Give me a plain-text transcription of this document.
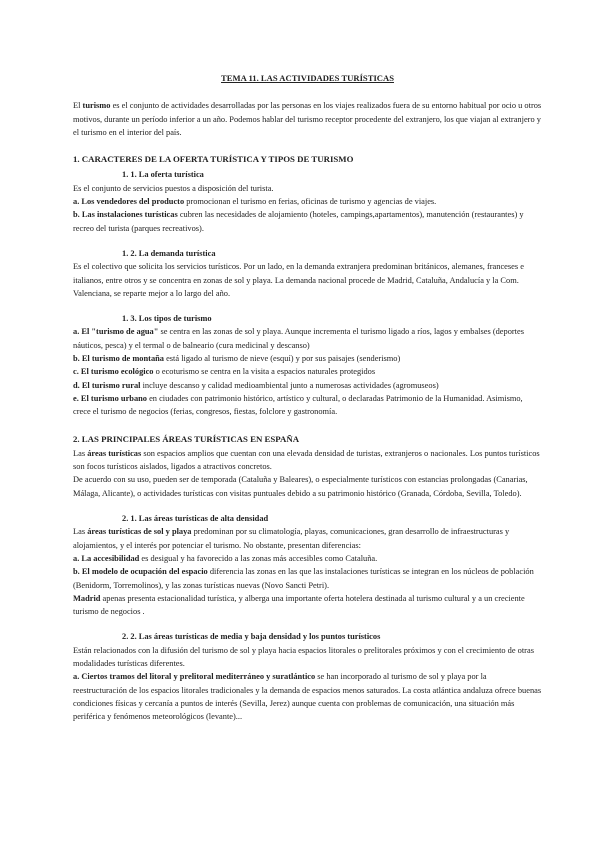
TEMA 11. LAS ACTIVIDADES TURÍSTICAS

El turismo es el conjunto de actividades desarrolladas por las personas en los viajes realizados fuera de su entorno habitual por ocio u otros motivos, durante un período inferior a un año. Podemos hablar del turismo receptor procedente del extranjero, los que viajan al extranjero y el turismo en el interior del país.

1. CARACTERES DE LA OFERTA TURÍSTICA Y TIPOS DE TURISMO
1. 1. La oferta turística

Es el conjunto de servicios puestos a disposición del turista.

a. Los vendedores del producto promocionan el turismo en ferias, oficinas de turismo y agencias de viajes.

b. Las instalaciones turísticas cubren las necesidades de alojamiento (hoteles, campings,apartamentos), manutención (restaurantes) y recreo del turista (parques recreativos).

1. 2. La demanda turística

Es el colectivo que solicita los servicios turísticos. Por un lado, en la demanda extranjera predominan británicos, alemanes, franceses e italianos, entre otros y se concentra en zonas de sol y playa. La demanda nacional procede de Madrid, Cataluña, Andalucía y la Com. Valenciana, se reparte mejor a lo largo del año.

1. 3. Los tipos de turismo

a. El "turismo de agua" se centra en las zonas de sol y playa. Aunque incrementa el turismo ligado a ríos, lagos y embalses (deportes náuticos, pesca) y el termal o de balneario (cura medicinal y descanso)

b. El turismo de montaña está ligado al turismo de nieve (esquí) y por sus paisajes (senderismo)

c. El turismo ecológico o ecoturismo se centra en la visita a espacios naturales protegidos

d. El turismo rural incluye descanso y calidad medioambiental junto a numerosas actividades (agromuseos)

e. El turismo urbano en ciudades con patrimonio histórico, artístico y cultural, o declaradas Patrimonio de la Humanidad. Asimismo, crece el turismo de negocios (ferias, congresos, fiestas, folclore y gastronomía.

2. LAS PRINCIPALES ÁREAS TURÍSTICAS EN ESPAÑA

Las áreas turísticas son espacios amplios que cuentan con una elevada densidad de turistas, extranjeros o nacionales. Los puntos turísticos son focos turísticos aislados, ligados a atractivos concretos.

De acuerdo con su uso, pueden ser de temporada (Cataluña y Baleares), o especialmente turísticos con estancias prolongadas (Canarias, Málaga, Alicante), o actividades turísticas con visitas puntuales debido a su patrimonio histórico (Granada, Córdoba, Sevilla, Toledo).

2. 1. Las áreas turísticas de alta densidad

Las áreas turísticas de sol y playa predominan por su climatología, playas, comunicaciones, gran desarrollo de infraestructuras y alojamientos, y el interés por potenciar el turismo. No obstante, presentan diferencias:

a. La accesibilidad es desigual y ha favorecido a las zonas más accesibles como Cataluña.

b. El modelo de ocupación del espacio diferencia las zonas en las que las instalaciones turísticas se integran en los núcleos de población (Benidorm, Torremolinos), y las zonas turísticas nuevas (Novo Sancti Petri).

Madrid apenas presenta estacionalidad turística, y alberga una importante oferta hotelera destinada al turismo cultural y a un creciente turismo de negocios .

2. 2. Las áreas turísticas de media y baja densidad y los puntos turísticos

Están relacionados con la difusión del turismo de sol y playa hacia espacios litorales o prelitorales próximos y con el crecimiento de otras modalidades turísticas diferentes.

a. Ciertos tramos del litoral y prelitoral mediterráneo y suratlántico se han incorporado al turismo de sol y playa por la reestructuración de los espacios litorales tradicionales y la demanda de espacios menos saturados. La costa atlántica andaluza ofrece buenas condiciones físicas y cercanía a puntos de interés (Sevilla, Jerez) aunque cuenta con problemas de comunicación, una situación más periférica y fenómenos meteorológicos (levante)...
